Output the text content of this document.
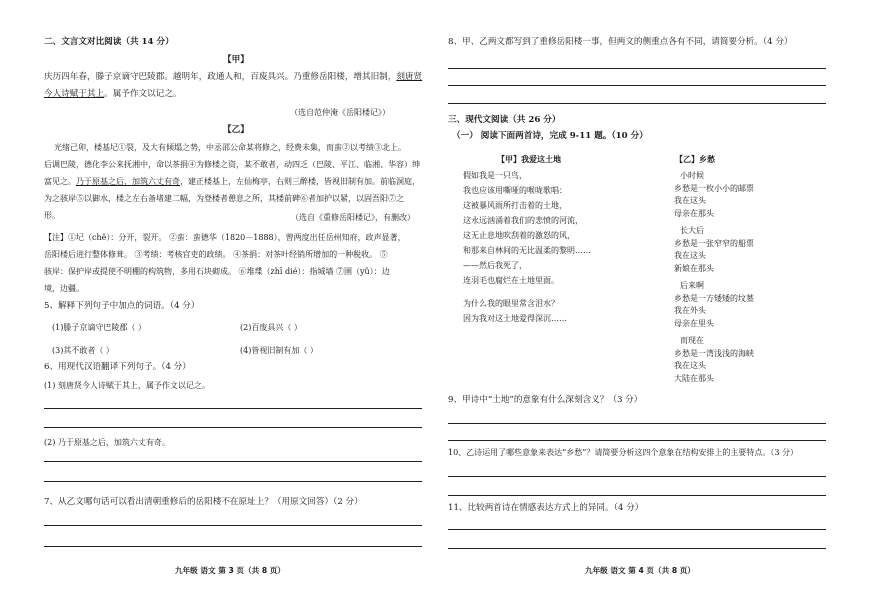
二、文言文对比阅读（共 14 分）
【甲】
庆历四年春，滕子京谪守巴陵郡。越明年，政通人和，百废具兴。乃重修岳阳楼，增其旧制，刻唐贤
今人诗赋于其上。属予作文以记之。
（选自范仲淹《岳阳楼记》）
【乙】
光绪己卯，楼基圮①裂，及大有倾塌之势，中丞邵公命某将修之，经费未集，而蛮②以考绩③北上。
后调巴陵，德化李公来抚湘中，命以茶捐④为修楼之资，某不敢者，动四乏（巴陵、平江、临湘、华容）绅
富见之。乃于原基之后，加筑六丈有奇，建正楼基上，左仙梅亭，右则三醉楼，皆视旧制有加。前临洞庭，
为之骇岸⑤以御水，楼之左右备堵建二幅，为登楼者憩息之所，其楼前碑⑥者加护以紧，以固吾阳⑦之
形。	（选自《重修岳阳楼记》，有删改）
【注】①圮（chě）：分开，裂开。 ②蛮：蛮德华（1820－1888），曾两度出任岳州知府，政声显著，
岳阳楼后进行整体修葺。 ③考绩：考核官吏的政绩。 ④茶捐：对茶叶经销所增加的一种税收。 ⑤
骇岸：保护岸或提使不明棚的构筑物，多用石块砌成。 ⑥堆堞（zhī dié）：指城墙 ⑦圉（yǔ）：边
境，边疆。
5、解释下列句子中加点的词语。（4 分）
(1)滕子京谪守巴陵郡（ ）	(2)百废具兴（ ）
(3)其不敢者（ ）	(4)皆视旧制有加（ ）
6、用现代汉语翻译下列句子。（4 分）
(1) 刻唐贤今人诗赋于其上，属予作文以记之。
(2) 乃于原基之后，加筑六丈有奇。
7、从乙文哪句话可以看出清朝重修后的岳阳楼不在原址上？（用原文回答）（2 分）
九年级 语文 第 3 页（共 8 页）
8、甲、乙两文都写到了重修岳阳楼一事，但两文的侧重点各有不同，请简要分析。（4 分）
三、现代文阅读（共 26 分）
（一） 阅读下面两首诗，完成 9-11 题。（10 分）
【甲】我爱这土地
假如我是一只鸟，
我也应该用嘶哑的喉咙歌唱：
这被暴风雨所打击着的土地，
这永远汹涌着我们的悲愤的河流，
这无止息地吹刮着的激怒的风，
和那来自林间的无比温柔的黎明……
——然后我死了，
连羽毛也腐烂在土地里面。
为什么我的眼里常含泪水？
因为我对这土地爱得深沉……
【乙】乡愁
小时候
乡愁是一枚小小的邮票
我在这头
母亲在那头
长大后
乡愁是一张窄窄的船票
我在这头
新娘在那头
后来啊
乡愁是一方矮矮的坟墓
我在外头
母亲在里头
而现在
乡愁是一湾浅浅的海峡
我在这头
大陆在那头
9、甲诗中“土地”的意象有什么深刻含义？（3 分）
10、乙诗运用了哪些意象来表达“乡愁”？请简要分析这四个意象在结构安排上的主要特点。（3 分）
11、比较两首诗在情感表达方式上的异同。（4 分）
九年级 语文 第 4 页（共 8 页）
